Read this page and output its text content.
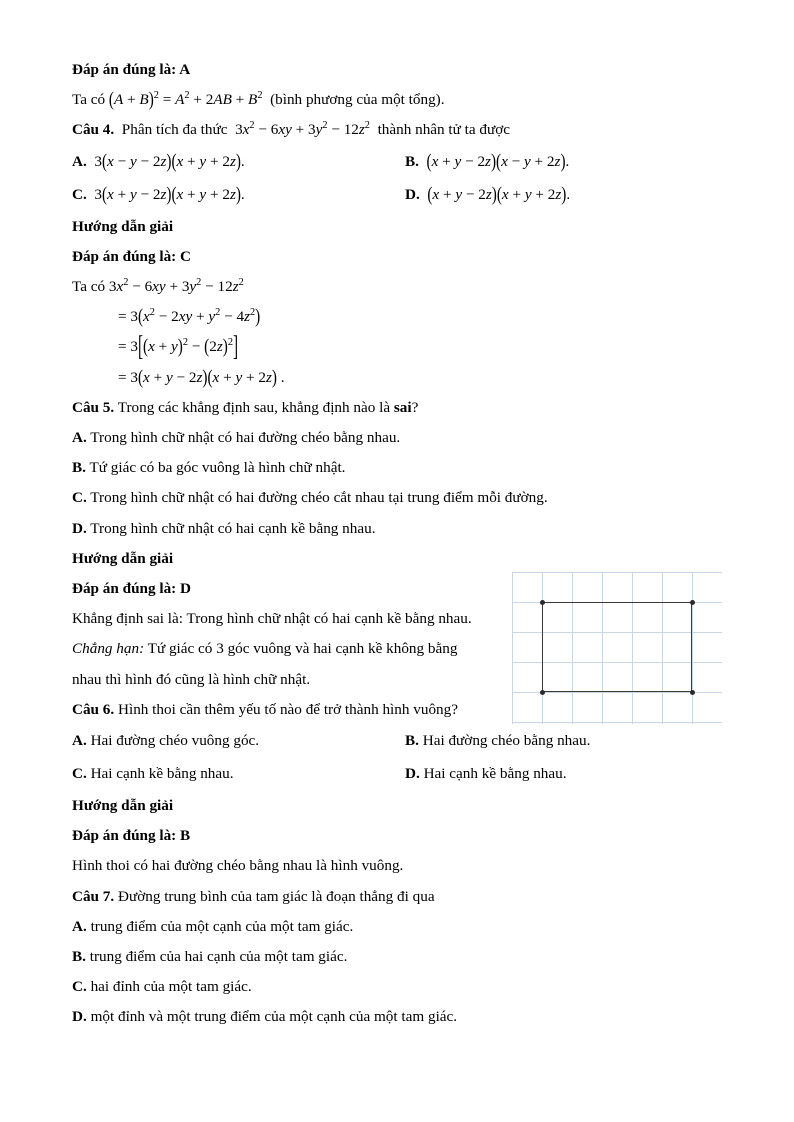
Đáp án đúng là: A
Ta có $(A + B)^2 = A^2 + 2AB + B^2$  (bình phương của một tổng).
Câu 4.  Phân tích đa thức  $3x^2 - 6xy + 3y^2 - 12z^2$  thành nhân tử ta được
A. 3(x − y − 2z)(x + y + 2z).	B. (x + y − 2z)(x − y + 2z).
C. 3(x + y − 2z)(x + y + 2z).	D. (x + y − 2z)(x + y + 2z).
Hướng dẫn giải
Đáp án đúng là: C
Ta có $3x^2 - 6xy + 3y^2 - 12z^2$
= $3(x^2 - 2xy + y^2 - 4z^2)$
= $3[(x + y)^2 - (2z)^2]$
= 3(x + y − 2z)(x + y + 2z) .
Câu 5. Trong các khẳng định sau, khẳng định nào là sai?
A. Trong hình chữ nhật có hai đường chéo bằng nhau.
B. Tứ giác có ba góc vuông là hình chữ nhật.
C. Trong hình chữ nhật có hai đường chéo cắt nhau tại trung điểm mỗi đường.
D. Trong hình chữ nhật có hai cạnh kề bằng nhau.
Hướng dẫn giải
Đáp án đúng là: D
Khẳng định sai là: Trong hình chữ nhật có hai cạnh kề bằng nhau.
Chẳng hạn: Tứ giác có 3 góc vuông và hai cạnh kề không bằng
nhau thì hình đó cũng là hình chữ nhật.
Câu 6. Hình thoi cần thêm yếu tố nào để trở thành hình vuông?
A. Hai đường chéo vuông góc.	B. Hai đường chéo bằng nhau.
C. Hai cạnh kề bằng nhau.	D. Hai cạnh kề bằng nhau.
Hướng dẫn giải
Đáp án đúng là: B
Hình thoi có hai đường chéo bằng nhau là hình vuông.
Câu 7. Đường trung bình của tam giác là đoạn thẳng đi qua
A. trung điểm của một cạnh của một tam giác.
B. trung điểm của hai cạnh của một tam giác.
C. hai đỉnh của một tam giác.
D. một đỉnh và một trung điểm của một cạnh của một tam giác.
